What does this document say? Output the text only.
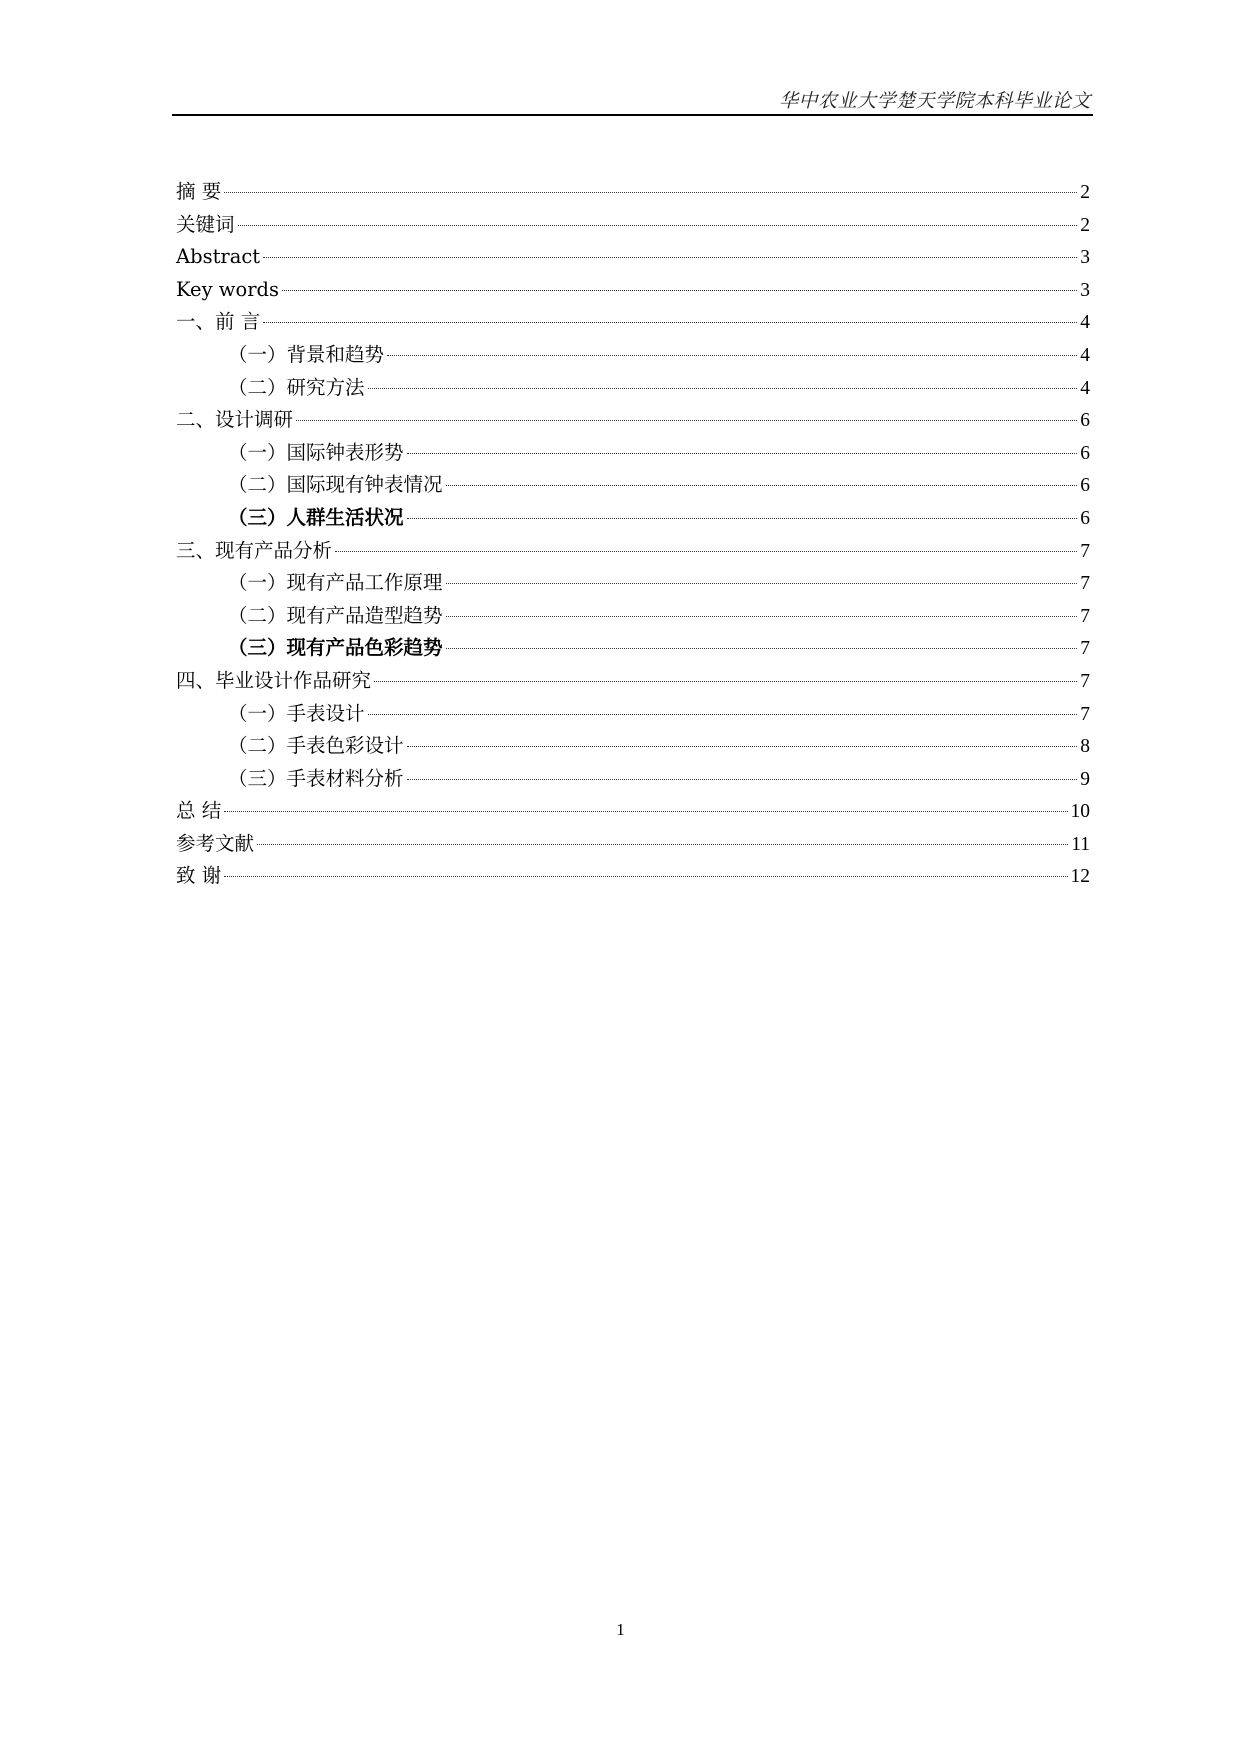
华中农业大学楚天学院本科毕业论文
摘 要	2
关键词	2
Abstract	3
Key words	3
一、前 言	4
（一）背景和趋势	4
（二）研究方法	4
二、设计调研	6
（一）国际钟表形势	6
（二）国际现有钟表情况	6
（三）人群生活状况	6
三、现有产品分析	7
（一）现有产品工作原理	7
（二）现有产品造型趋势	7
（三）现有产品色彩趋势	7
四、毕业设计作品研究	7
（一）手表设计	7
（二）手表色彩设计	8
（三）手表材料分析	9
总 结	10
参考文献	11
致 谢	12
1
